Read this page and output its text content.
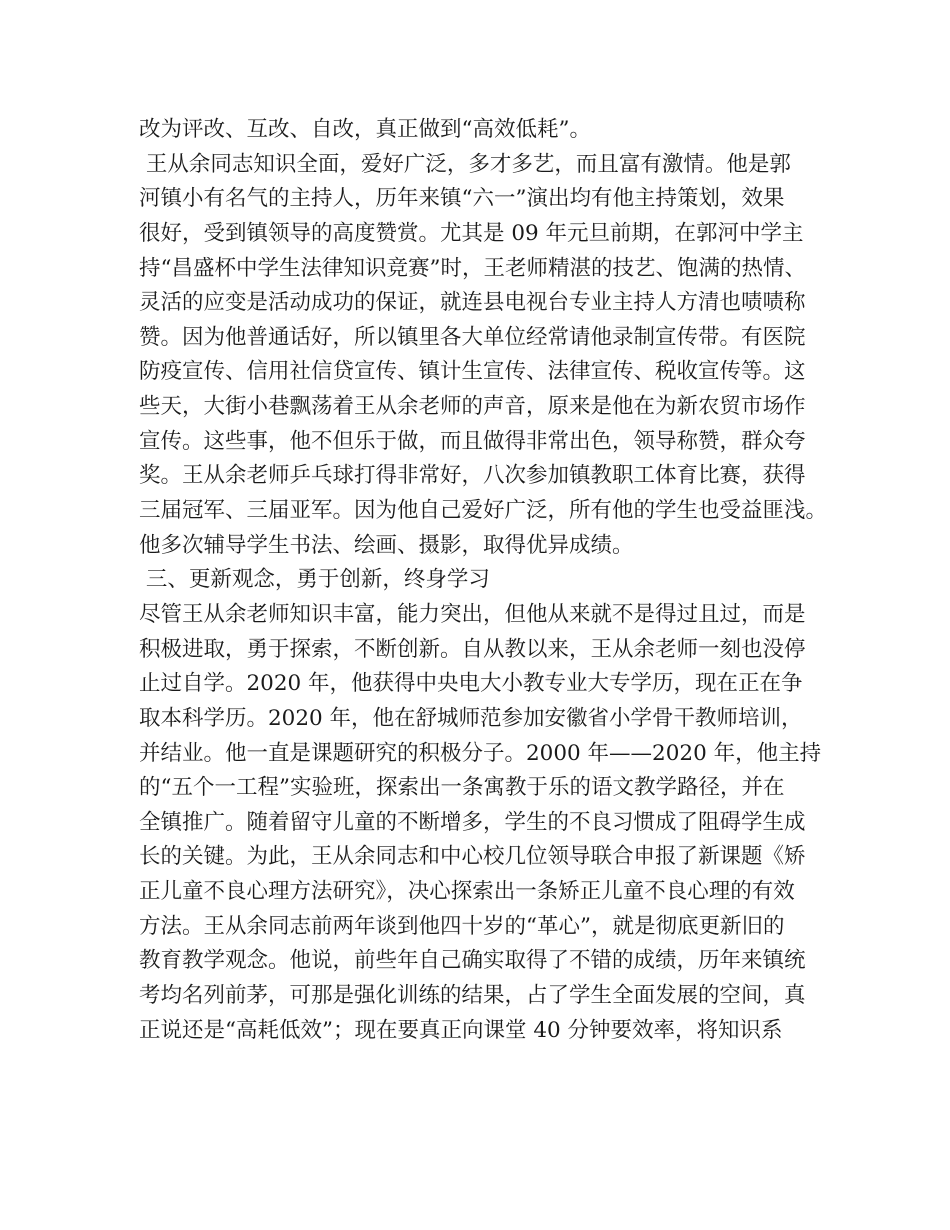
改为评改、互改、自改，真正做到“高效低耗”。

王从余同志知识全面，爱好广泛，多才多艺，而且富有激情。他是郭

河镇小有名气的主持人，历年来镇“六一”演出均有他主持策划，效果

很好，受到镇领导的高度赞赏。尤其是 09 年元旦前期，在郭河中学主

持“昌盛杯中学生法律知识竞赛”时，王老师精湛的技艺、饱满的热情、

灵活的应变是活动成功的保证，就连县电视台专业主持人方清也啧啧称

赞。因为他普通话好，所以镇里各大单位经常请他录制宣传带。有医院

防疫宣传、信用社信贷宣传、镇计生宣传、法律宣传、税收宣传等。这

些天，大街小巷飘荡着王从余老师的声音，原来是他在为新农贸市场作

宣传。这些事，他不但乐于做，而且做得非常出色，领导称赞，群众夸

奖。王从余老师乒乓球打得非常好，八次参加镇教职工体育比赛，获得

三届冠军、三届亚军。因为他自己爱好广泛，所有他的学生也受益匪浅。

他多次辅导学生书法、绘画、摄影，取得优异成绩。

三、更新观念，勇于创新，终身学习

尽管王从余老师知识丰富，能力突出，但他从来就不是得过且过，而是

积极进取，勇于探索，不断创新。自从教以来，王从余老师一刻也没停

止过自学。2020 年，他获得中央电大小教专业大专学历，现在正在争

取本科学历。2020 年，他在舒城师范参加安徽省小学骨干教师培训，

并结业。他一直是课题研究的积极分子。2000 年——2020 年，他主持

的“五个一工程”实验班，探索出一条寓教于乐的语文教学路径，并在

全镇推广。随着留守儿童的不断增多，学生的不良习惯成了阻碍学生成

长的关键。为此，王从余同志和中心校几位领导联合申报了新课题《矫

正儿童不良心理方法研究》，决心探索出一条矫正儿童不良心理的有效

方法。王从余同志前两年谈到他四十岁的“革心”，就是彻底更新旧的

教育教学观念。他说，前些年自己确实取得了不错的成绩，历年来镇统

考均名列前茅，可那是强化训练的结果，占了学生全面发展的空间，真

正说还是“高耗低效”；现在要真正向课堂 40 分钟要效率，将知识系
